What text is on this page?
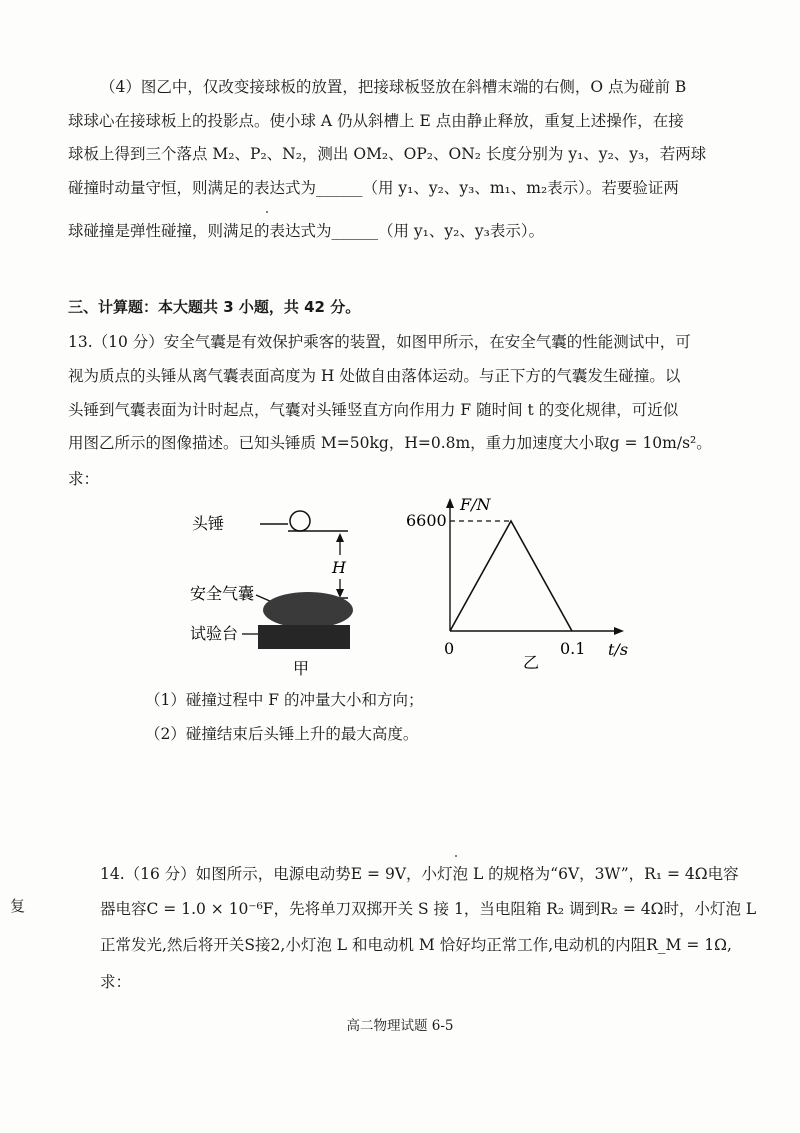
（4）图乙中，仅改变接球板的放置，把接球板竖放在斜槽末端的右侧，O 点为碰前 B
球球心在接球板上的投影点。使小球 A 仍从斜槽上 E 点由静止释放，重复上述操作，在接
球板上得到三个落点 M₂、P₂、N₂，测出 OM₂、OP₂、ON₂ 长度分别为 y₁、y₂、y₃，若两球
碰撞时动量守恒，则满足的表达式为______（用 y₁、y₂、y₃、m₁、m₂表示）。若要验证两
球碰撞是弹性碰撞，则满足的表达式为______（用 y₁、y₂、y₃表示）。
三、计算题：本大题共 3 小题，共 42 分。
13.（10 分）安全气囊是有效保护乘客的装置，如图甲所示，在安全气囊的性能测试中，可
视为质点的头锤从离气囊表面高度为 H 处做自由落体运动。与正下方的气囊发生碰撞。以
头锤到气囊表面为计时起点，气囊对头锤竖直方向作用力 F 随时间 t 的变化规律，可近似
用图乙所示的图像描述。已知头锤质 M=50kg，H=0.8m，重力加速度大小取g = 10m/s²。
求：
头锤
H
安全气囊
试验台
甲
F/N
t/s
6600
0	0.1
乙
（1）碰撞过程中 F 的冲量大小和方向；
（2）碰撞结束后头锤上升的最大高度。
14.（16 分）如图所示，电源电动势E = 9V，小灯泡 L 的规格为“6V，3W”，R₁ = 4Ω电容
器电容C = 1.0 × 10⁻⁶F，先将单刀双掷开关 S 接 1，当电阻箱 R₂ 调到R₂ = 4Ω时，小灯泡 L
正常发光,然后将开关S接2,小灯泡 L 和电动机 M 恰好均正常工作,电动机的内阻R_M = 1Ω,
求：
复
高二物理试题 6-5
